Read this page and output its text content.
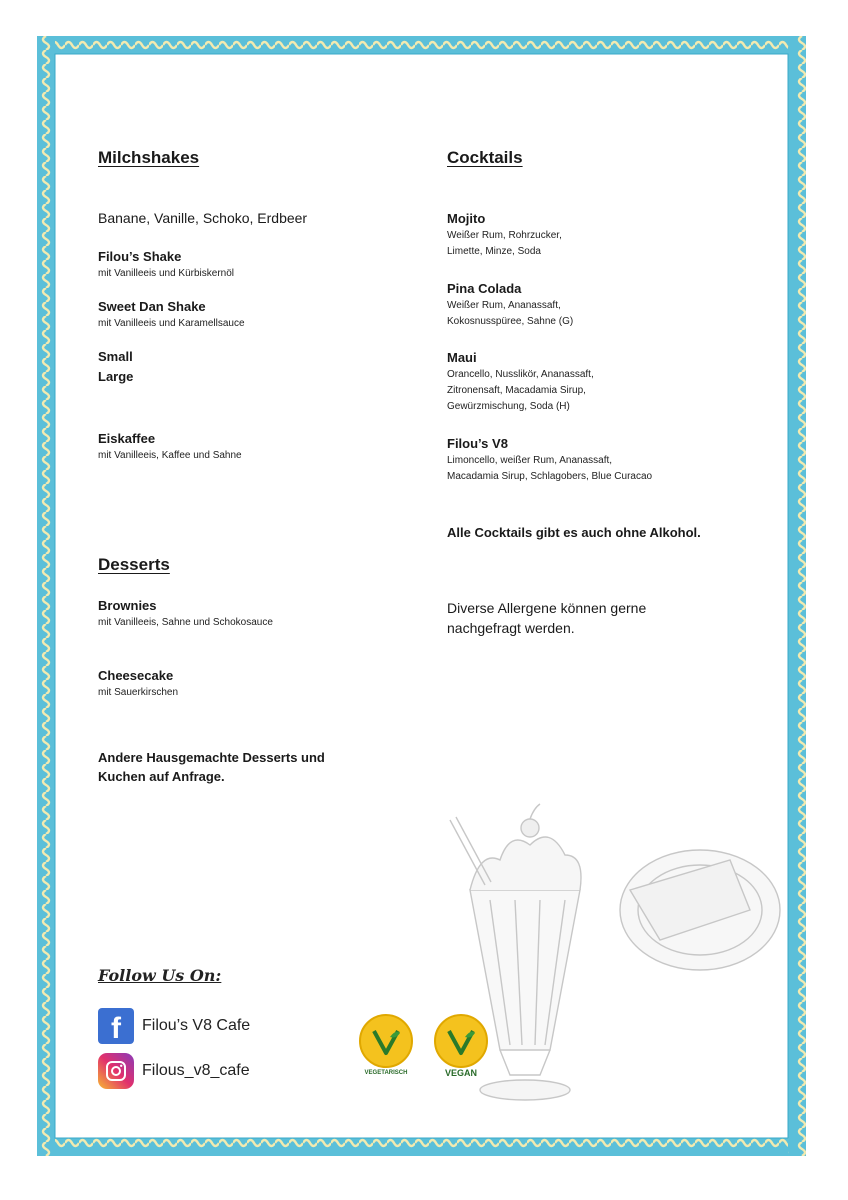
Milchshakes

Banane, Vanille, Schoko, Erdbeer

Filou’s Shake

mit Vanilleeis und Kürbiskernöl

Sweet Dan Shake

mit Vanilleeis und Karamellsauce

Small

Large

Eiskaffee

mit Vanilleeis, Kaffee und Sahne

Desserts

Brownies

mit Vanilleeis, Sahne und Schokosauce

Cheesecake

mit Sauerkirschen

Andere Hausgemachte Desserts und

Kuchen auf Anfrage.

Cocktails

Mojito

Weißer Rum, Rohrzucker,

Limette, Minze, Soda

Pina Colada

Weißer Rum, Ananassaft,

Kokosnusspüree, Sahne (G)

Maui

Orancello, Nusslikör, Ananassaft,

Zitronensaft, Macadamia Sirup,

Gewürzmischung, Soda (H)

Filou’s V8

Limoncello, weißer Rum, Ananassaft,

Macadamia Sirup, Schlagobers, Blue Curacao

Alle Cocktails gibt es auch ohne Alkohol.

Diverse Allergene können gerne

nachgefragt werden.

Follow Us On:
f	Filou’s V8 Cafe
Filous_v8_cafe	VEGETARISCH	VEGAN
